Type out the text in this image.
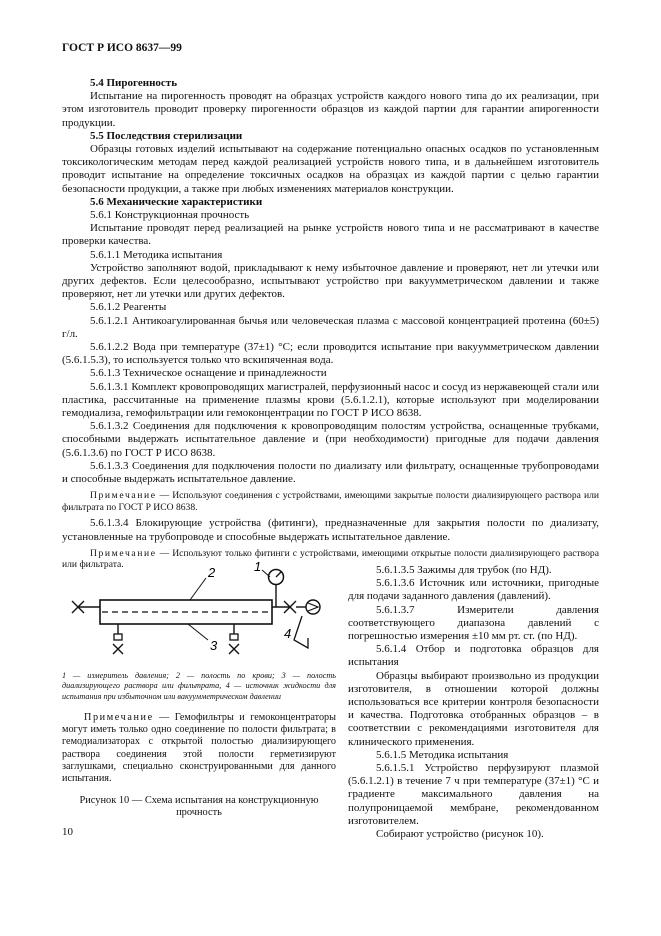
ГОСТ Р ИСО 8637—99

5.4 Пирогенность

Испытание на пирогенность проводят на образцах устройств каждого нового типа до их реализации, при этом изготовитель проводит проверку пирогенности образцов из каждой партии для гарантии апирогенности продукции.

5.5 Последствия стерилизации

Образцы готовых изделий испытывают на содержание потенциально опасных осадков по установленным токсикологическим методам перед каждой реализацией устройств нового типа, и в дальнейшем изготовитель проводит испытание на определение токсичных осадков на образцах из каждой партии с целью гарантии безопасности продукции, а также при любых изменениях материалов конструкции.

5.6 Механические характеристики

5.6.1 Конструкционная прочность

Испытание проводят перед реализацией на рынке устройств нового типа и не рассматривают в качестве проверки качества.

5.6.1.1 Методика испытания

Устройство заполняют водой, прикладывают к нему избыточное давление и проверяют, нет ли утечки или других дефектов. Если целесообразно, испытывают устройство при вакуумметрическом давлении и также проверяют, нет ли утечки или других дефектов.

5.6.1.2 Реагенты

5.6.1.2.1 Антикоагулированная бычья или человеческая плазма с массовой концентрацией протеина (60±5) г/л.

5.6.1.2.2 Вода при температуре (37±1) °С; если проводится испытание при вакуумметрическом давлении (5.6.1.5.3), то используется только что вскипяченная вода.

5.6.1.3 Техническое оснащение и принадлежности

5.6.1.3.1 Комплект кровопроводящих магистралей, перфузионный насос и сосуд из нержавеющей стали или пластика, рассчитанные на применение плазмы крови (5.6.1.2.1), которые используют при моделировании гемодиализа, гемофильтрации или гемоконцентрации по ГОСТ Р ИСО 8638.

5.6.1.3.2 Соединения для подключения к кровопроводящим полостям устройства, оснащенные трубками, способными выдержать испытательное давление и (при необходимости) пригодные для подачи давления (5.6.1.3.6) по ГОСТ Р ИСО 8638.

5.6.1.3.3 Соединения для подключения полости по диализату или фильтрату, оснащенные трубопроводами и способные выдержать испытательное давление.

Примечание — Используют соединения с устройствами, имеющими закрытые полости диализирующего раствора или фильтрата по ГОСТ Р ИСО 8638.

5.6.1.3.4 Блокирующие устройства (фитинги), предназначенные для закрытия полости по диализату, установленные на трубопроводе и способные выдержать испытательное давление.

Примечание — Используют только фитинги с устройствами, имеющими открытые полости диализирующего раствора или фильтрата.	1
2
3
4

1 — измеритель давления; 2 — полость по крови; 3 — полость диализирующего раствора или фильтрата, 4 — источник жидкости для испытания при избыточном или вакуумметрическом давлении

Примечание — Гемофильтры и гемоконцентраторы могут иметь только одно соединение по полости фильтрата; в гемодиализаторах с открытой полостью диализирующего раствора соединения этой полости герметизируют заглушками, специально сконструированными для данного испытания.

Рисунок 10 — Схема испытания на конструкционную прочность

5.6.1.3.5 Зажимы для трубок (по НД).

5.6.1.3.6 Источник или источники, пригодные для подачи заданного давления (давлений).

5.6.1.3.7 Измерители давления соответствующего диапазона давлений с погрешностью измерения ±10 мм рт. ст. (по НД).

5.6.1.4 Отбор и подготовка образцов для испытания

Образцы выбирают произвольно из продукции изготовителя, в отношении которой должны использоваться все критерии контроля безопасности и качества. Подготовка отобранных образцов – в соответствии с рекомендациями изготовителя для клинического применения.

5.6.1.5 Методика испытания

5.6.1.5.1 Устройство перфузируют плазмой (5.6.1.2.1) в течение 7 ч при температуре (37±1) °С и градиенте максимального давления на полупроницаемой мембране, рекомендованном изготовителем.

Собирают устройство (рисунок 10).

10
